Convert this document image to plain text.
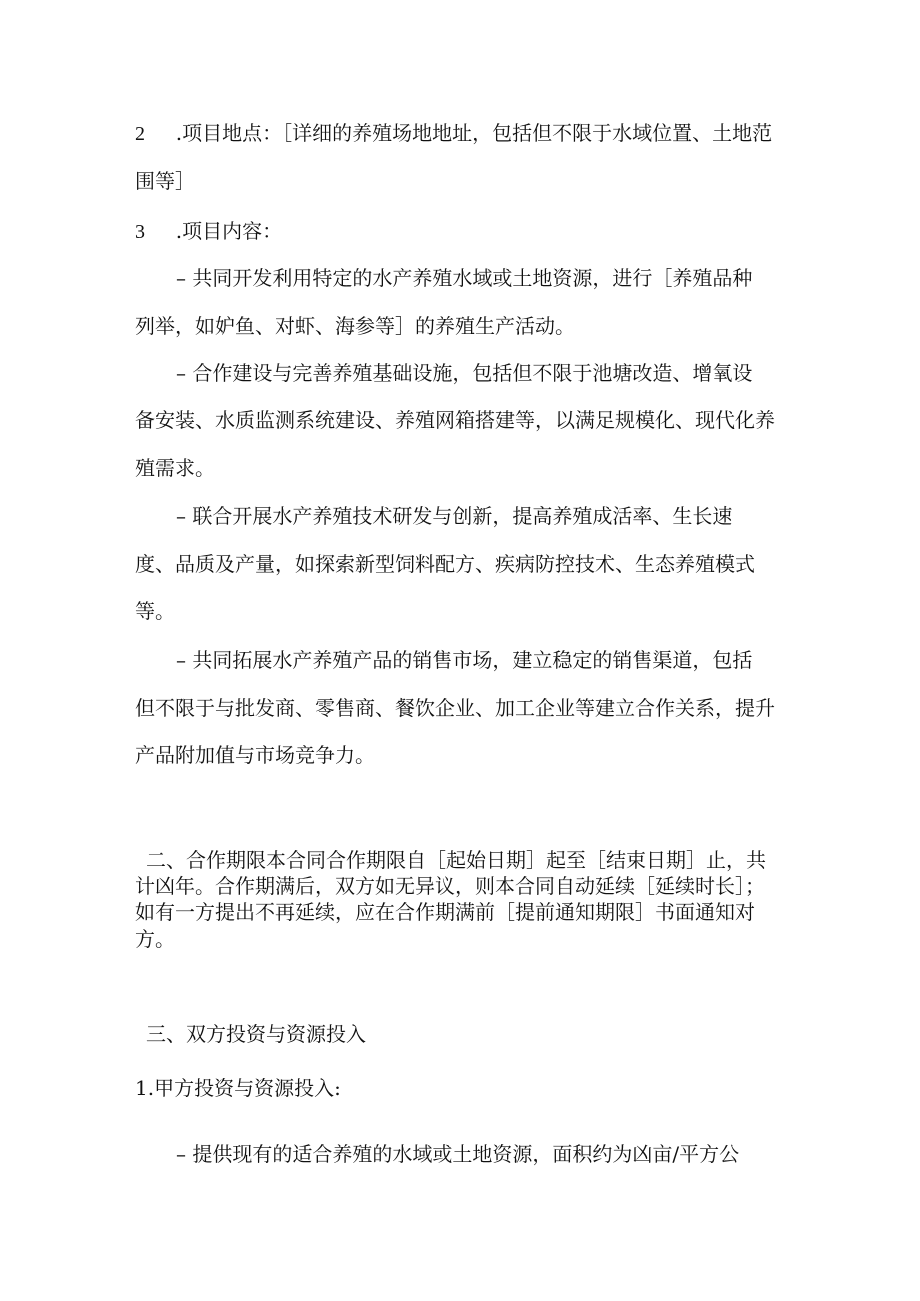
2 .项目地点：［详细的养殖场地地址，包括但不限于水域位置、土地范
围等］
3 .项目内容：
– 共同开发利用特定的水产养殖水域或土地资源，进行［养殖品种
列举，如妒鱼、对虾、海参等］的养殖生产活动。
– 合作建设与完善养殖基础设施，包括但不限于池塘改造、增氧设
备安装、水质监测系统建设、养殖网箱搭建等，以满足规模化、现代化养
殖需求。
– 联合开展水产养殖技术研发与创新，提高养殖成活率、生长速
度、品质及产量，如探索新型饲料配方、疾病防控技术、生态养殖模式
等。
– 共同拓展水产养殖产品的销售市场，建立稳定的销售渠道，包括
但不限于与批发商、零售商、餐饮企业、加工企业等建立合作关系，提升
产品附加值与市场竞争力。
二、合作期限本合同合作期限自［起始日期］起至［结束日期］止，共
计凶年。合作期满后，双方如无异议，则本合同自动延续［延续时长］；
如有一方提出不再延续，应在合作期满前［提前通知期限］书面通知对
方。
三、双方投资与资源投入
1.甲方投资与资源投入:
– 提供现有的适合养殖的水域或土地资源，面积约为凶亩/平方公
